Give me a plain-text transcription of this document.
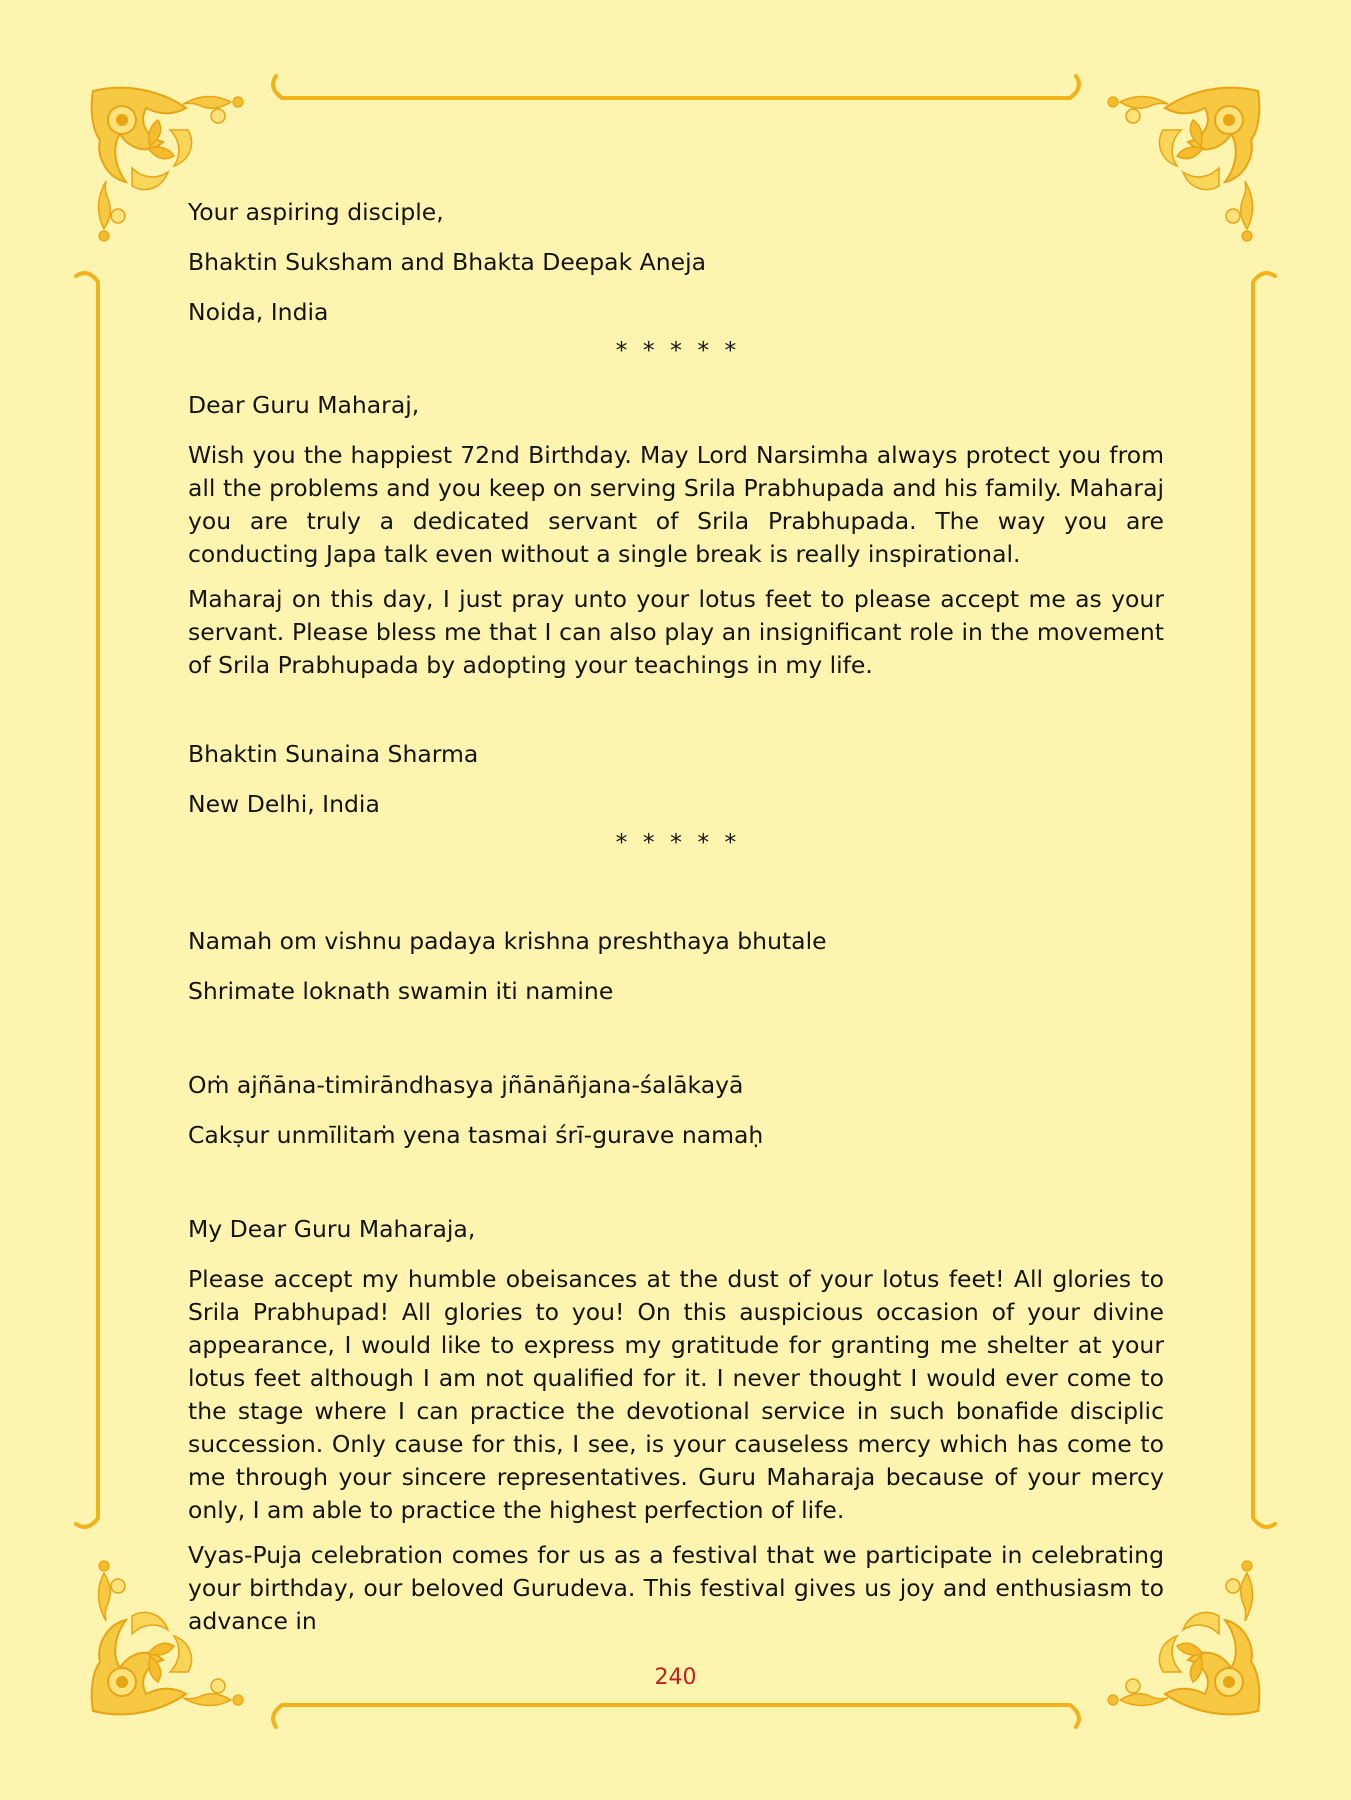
Your aspiring disciple,
Bhaktin Suksham and Bhakta Deepak Aneja
Noida, India
* * * * *
Dear Guru Maharaj,

Wish you the happiest 72nd Birthday. May Lord Narsimha always protect you from all the problems and you keep on serving Srila Prabhupada and his family. Maharaj you are truly a dedicated servant of Srila Prabhupada. The way you are conducting Japa talk even without a single break is really inspirational.

Maharaj on this day, I just pray unto your lotus feet to please accept me as your servant. Please bless me that I can also play an insignificant role in the movement of Srila Prabhupada by adopting your teachings in my life.

Bhaktin Sunaina Sharma
New Delhi, India
* * * * *
Namah om vishnu padaya krishna preshthaya bhutale
Shrimate loknath swamin iti namine
Oṁ ajñāna-timirāndhasya jñānāñjana-śalākayā
Cakṣur unmīlitaṁ yena tasmai śrī-gurave namaḥ
My Dear Guru Maharaja,

Please accept my humble obeisances at the dust of your lotus feet! All glories to Srila Prabhupad! All glories to you! On this auspicious occasion of your divine appearance, I would like to express my gratitude for granting me shelter at your lotus feet although I am not qualified for it. I never thought I would ever come to the stage where I can practice the devotional service in such bonafide disciplic succession. Only cause for this, I see, is your causeless mercy which has come to me through your sincere representatives. Guru Maharaja because of your mercy only, I am able to practice the highest perfection of life.

Vyas-Puja celebration comes for us as a festival that we participate in celebrating your birthday, our beloved Gurudeva. This festival gives us joy and enthusiasm to advance in

240
